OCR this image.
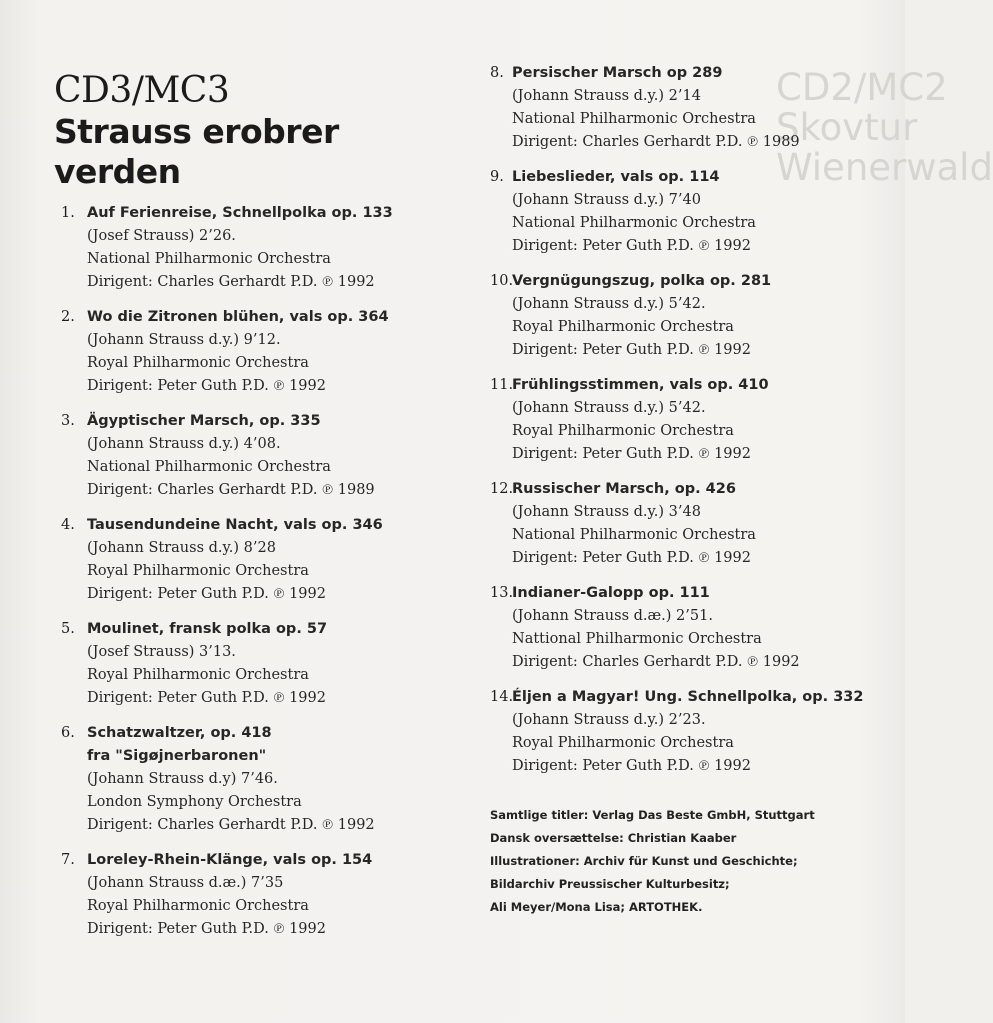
CD2/MC2
Skovtur
Wienerwald
CD3/MC3
Strauss erobrer verden
1. Auf Ferienreise, Schnellpolka op. 133
(Josef Strauss) 2’26.
National Philharmonic Orchestra
Dirigent: Charles Gerhardt P.D. ℗ 1992
2. Wo die Zitronen blühen, vals op. 364
(Johann Strauss d.y.) 9’12.
Royal Philharmonic Orchestra
Dirigent: Peter Guth P.D. ℗ 1992
3. Ägyptischer Marsch, op. 335
(Johann Strauss d.y.) 4’08.
National Philharmonic Orchestra
Dirigent: Charles Gerhardt P.D. ℗ 1989
4. Tausendundeine Nacht, vals op. 346
(Johann Strauss d.y.) 8’28
Royal Philharmonic Orchestra
Dirigent: Peter Guth P.D. ℗ 1992
5. Moulinet, fransk polka op. 57
(Josef Strauss) 3’13.
Royal Philharmonic Orchestra
Dirigent: Peter Guth P.D. ℗ 1992
6. Schatzwaltzer, op. 418
fra "Sigøjnerbaronen"
(Johann Strauss d.y) 7’46.
London Symphony Orchestra
Dirigent: Charles Gerhardt P.D. ℗ 1992
7. Loreley-Rhein-Klänge, vals op. 154
(Johann Strauss d.æ.) 7’35
Royal Philharmonic Orchestra
Dirigent: Peter Guth P.D. ℗ 1992
8. Persischer Marsch op 289
(Johann Strauss d.y.) 2’14
National Philharmonic Orchestra
Dirigent: Charles Gerhardt P.D. ℗ 1989
9. Liebeslieder, vals op. 114
(Johann Strauss d.y.) 7’40
National Philharmonic Orchestra
Dirigent: Peter Guth P.D. ℗ 1992
10.
Vergnügungszug, polka op. 281
(Johann Strauss d.y.) 5’42.
Royal Philharmonic Orchestra
Dirigent: Peter Guth P.D. ℗ 1992
11.
Frühlingsstimmen, vals op. 410
(Johann Strauss d.y.) 5’42.
Royal Philharmonic Orchestra
Dirigent: Peter Guth P.D. ℗ 1992
12.
Russischer Marsch, op. 426
(Johann Strauss d.y.) 3’48
National Philharmonic Orchestra
Dirigent: Peter Guth P.D. ℗ 1992
13.
Indianer-Galopp op. 111
(Johann Strauss d.æ.) 2’51.
Nattional Philharmonic Orchestra
Dirigent: Charles Gerhardt P.D. ℗ 1992
14.
Éljen a Magyar! Ung. Schnellpolka, op. 332
(Johann Strauss d.y.) 2’23.
Royal Philharmonic Orchestra
Dirigent: Peter Guth P.D. ℗ 1992
Samtlige titler: Verlag Das Beste GmbH, Stuttgart
Dansk oversættelse: Christian Kaaber
Illustrationer: Archiv für Kunst und Geschichte;
Bildarchiv Preussischer Kulturbesitz;
Ali Meyer/Mona Lisa; ARTOTHEK.
